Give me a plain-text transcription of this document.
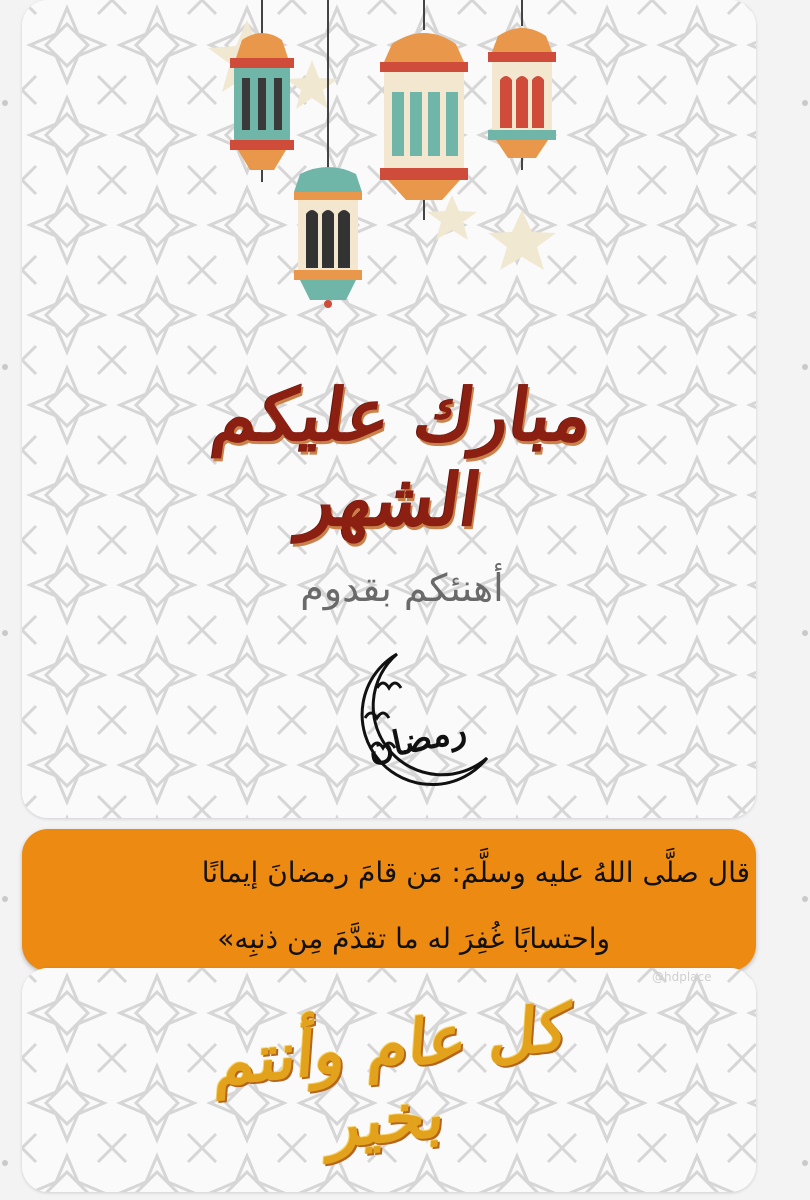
مبارك عليكم الشهر
أهنئكم بقدوم
رمضان
قال صلَّى اللهُ عليه وسلَّمَ: مَن قامَ رمضانَ إيمانًا
واحتسابًا غُفِرَ له ما تقدَّمَ مِن ذنبِه»
@hdplace
كل عام وأنتم بخير
